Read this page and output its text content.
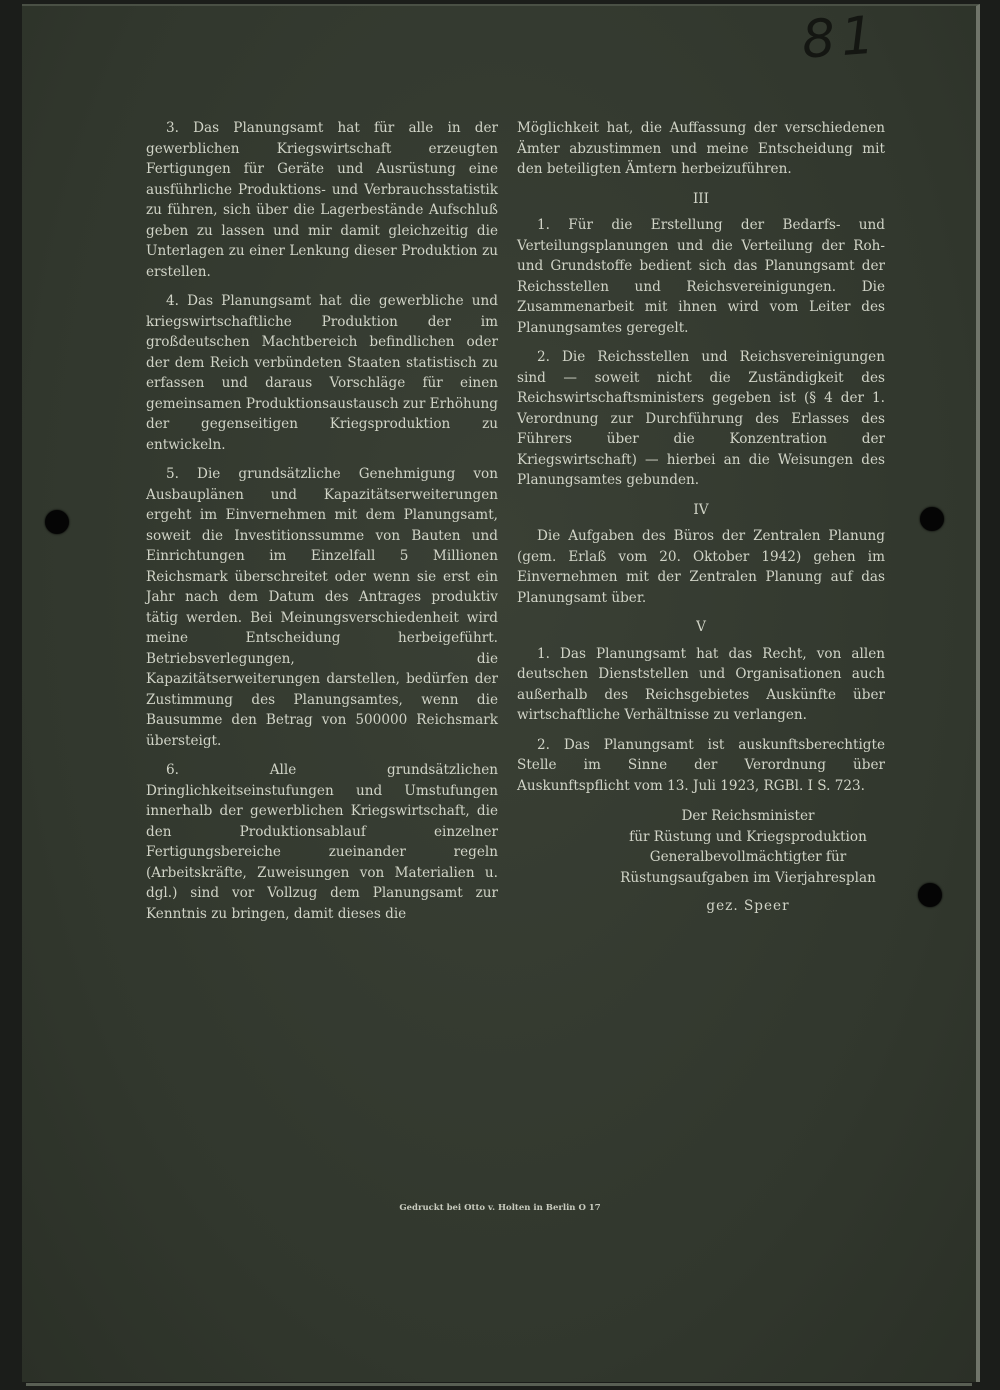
81

3. Das Planungsamt hat für alle in der gewerblichen Kriegswirtschaft erzeugten Fertigungen für Geräte und Ausrüstung eine ausführliche Produktions- und Verbrauchsstatistik zu führen, sich über die Lagerbestände Aufschluß geben zu lassen und mir damit gleichzeitig die Unterlagen zu einer Lenkung dieser Produktion zu erstellen.

4. Das Planungsamt hat die gewerbliche und kriegswirtschaftliche Produktion der im großdeutschen Machtbereich befindlichen oder der dem Reich verbündeten Staaten statistisch zu erfassen und daraus Vorschläge für einen gemeinsamen Produktionsaustausch zur Erhöhung der gegenseitigen Kriegsproduktion zu entwickeln.

5. Die grundsätzliche Genehmigung von Ausbauplänen und Kapazitätserweiterungen ergeht im Einvernehmen mit dem Planungsamt, soweit die Investitionssumme von Bauten und Einrichtungen im Einzelfall 5 Millionen Reichsmark überschreitet oder wenn sie erst ein Jahr nach dem Datum des Antrages produktiv tätig werden. Bei Meinungsverschiedenheit wird meine Entscheidung herbeigeführt. Betriebsverlegungen, die Kapazitätserweiterungen darstellen, bedürfen der Zustimmung des Planungsamtes, wenn die Bausumme den Betrag von 500000 Reichsmark übersteigt.

6. Alle grundsätzlichen Dringlichkeitseinstufungen und Umstufungen innerhalb der gewerblichen Kriegswirtschaft, die den Produktionsablauf einzelner Fertigungsbereiche zueinander regeln (Arbeitskräfte, Zuweisungen von Materialien u. dgl.) sind vor Vollzug dem Planungsamt zur Kenntnis zu bringen, damit dieses die

Möglichkeit hat, die Auffassung der verschiedenen Ämter abzustimmen und meine Entscheidung mit den beteiligten Ämtern herbeizuführen.

III

1. Für die Erstellung der Bedarfs- und Verteilungsplanungen und die Verteilung der Roh- und Grundstoffe bedient sich das Planungsamt der Reichsstellen und Reichsvereinigungen. Die Zusammenarbeit mit ihnen wird vom Leiter des Planungsamtes geregelt.

2. Die Reichsstellen und Reichsvereinigungen sind — soweit nicht die Zuständigkeit des Reichswirtschaftsministers gegeben ist (§ 4 der 1. Verordnung zur Durchführung des Erlasses des Führers über die Konzentration der Kriegswirtschaft) — hierbei an die Weisungen des Planungsamtes gebunden.

IV

Die Aufgaben des Büros der Zentralen Planung (gem. Erlaß vom 20. Oktober 1942) gehen im Einvernehmen mit der Zentralen Planung auf das Planungsamt über.

V

1. Das Planungsamt hat das Recht, von allen deutschen Dienststellen und Organisationen auch außerhalb des Reichsgebietes Auskünfte über wirtschaftliche Verhältnisse zu verlangen.

2. Das Planungsamt ist auskunftsberechtigte Stelle im Sinne der Verordnung über Auskunftspflicht vom 13. Juli 1923, RGBl. I S. 723.

Der Reichsminister
für Rüstung und Kriegsproduktion
Generalbevollmächtigter für
Rüstungsaufgaben im Vierjahresplan
gez. Speer
Gedruckt bei Otto v. Holten in Berlin O 17
